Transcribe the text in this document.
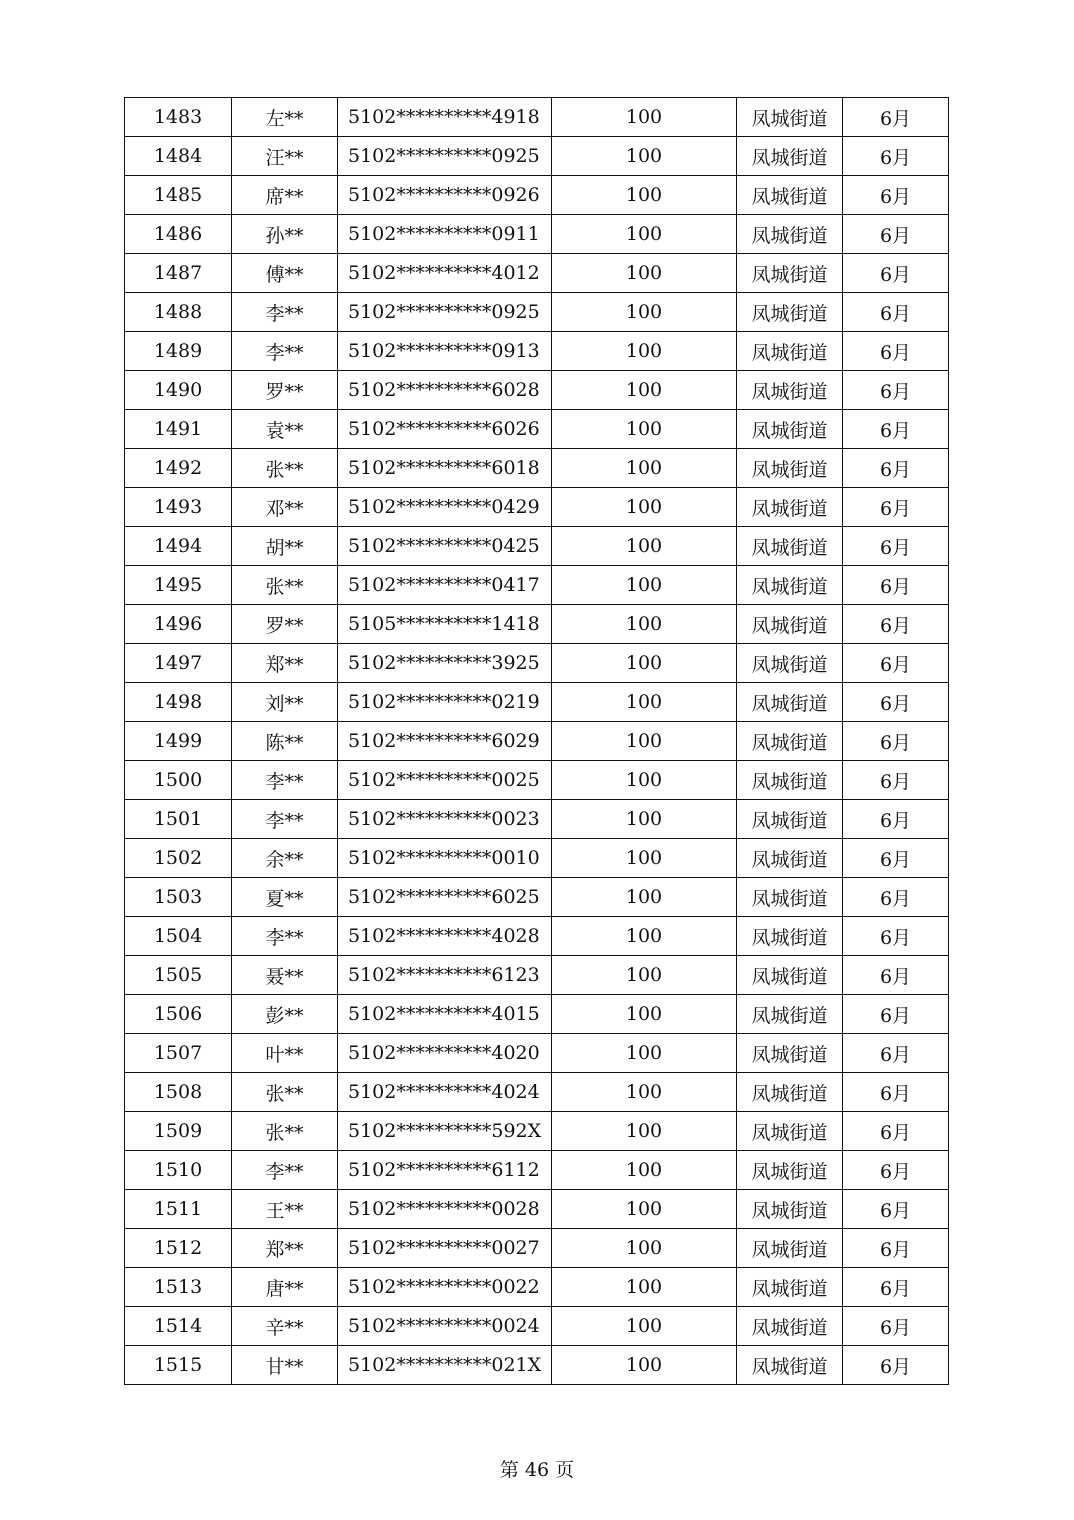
1483	左**	5102**********4918	100	凤城街道	6月
1484	汪**	5102**********0925	100	凤城街道	6月
1485	席**	5102**********0926	100	凤城街道	6月
1486	孙**	5102**********0911	100	凤城街道	6月
1487	傅**	5102**********4012	100	凤城街道	6月
1488	李**	5102**********0925	100	凤城街道	6月
1489	李**	5102**********0913	100	凤城街道	6月
1490	罗**	5102**********6028	100	凤城街道	6月
1491	袁**	5102**********6026	100	凤城街道	6月
1492	张**	5102**********6018	100	凤城街道	6月
1493	邓**	5102**********0429	100	凤城街道	6月
1494	胡**	5102**********0425	100	凤城街道	6月
1495	张**	5102**********0417	100	凤城街道	6月
1496	罗**	5105**********1418	100	凤城街道	6月
1497	郑**	5102**********3925	100	凤城街道	6月
1498	刘**	5102**********0219	100	凤城街道	6月
1499	陈**	5102**********6029	100	凤城街道	6月
1500	李**	5102**********0025	100	凤城街道	6月
1501	李**	5102**********0023	100	凤城街道	6月
1502	余**	5102**********0010	100	凤城街道	6月
1503	夏**	5102**********6025	100	凤城街道	6月
1504	李**	5102**********4028	100	凤城街道	6月
1505	聂**	5102**********6123	100	凤城街道	6月
1506	彭**	5102**********4015	100	凤城街道	6月
1507	叶**	5102**********4020	100	凤城街道	6月
1508	张**	5102**********4024	100	凤城街道	6月
1509	张**	5102**********592X	100	凤城街道	6月
1510	李**	5102**********6112	100	凤城街道	6月
1511	王**	5102**********0028	100	凤城街道	6月
1512	郑**	5102**********0027	100	凤城街道	6月
1513	唐**	5102**********0022	100	凤城街道	6月
1514	辛**	5102**********0024	100	凤城街道	6月
1515	甘**	5102**********021X	100	凤城街道	6月
第 46 页
